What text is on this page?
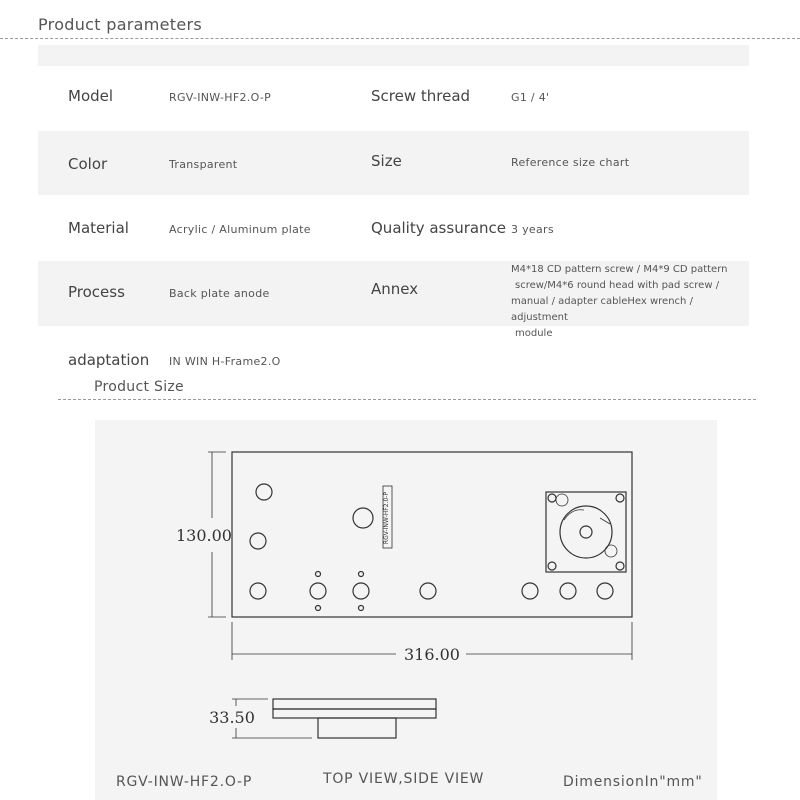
Product parameters
Model	RGV-INW-HF2.O-P	Screw thread	G1 / 4'
Color	Transparent	Size	Reference size chart
Material	Acrylic / Aluminum plate	Quality assurance 3 years
Process	Back plate anode	Annex
M4*18 CD pattern screw / M4*9 CD pattern
screw/M4*6 round head with pad screw /
manual / adapter cableHex wrench / adjustment
module
adaptation IN WIN H-Frame2.O
Product Size
RGV-INW-HF2.0-P
130.00
316.00
33.50
RGV-INW-HF2.O-P	TOP VIEW,SIDE VIEW	DimensionIn"mm"
